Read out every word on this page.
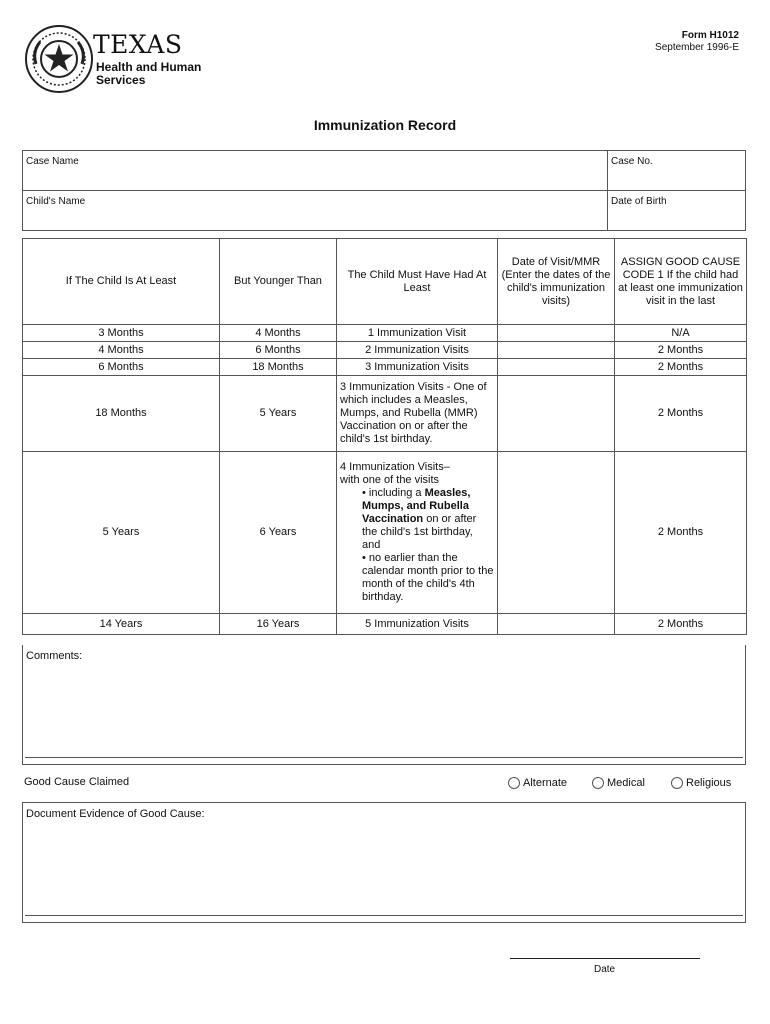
TEXAS
Health and Human
Services
Form H1012
September 1996-E
Immunization Record
Case Name	Case No.
Child's Name	Date of Birth
If The Child Is At Least	But Younger Than	The Child Must Have Had At Least	Date of Visit/MMR (Enter the dates of the child's immunization visits)	ASSIGN GOOD CAUSE CODE 1 If the child had at least one immunization visit in the last
3 Months	4 Months	1 Immunization Visit		N/A
4 Months	6 Months	2 Immunization Visits		2 Months
6 Months	18 Months	3 Immunization Visits		2 Months
18 Months	5 Years	3 Immunization Visits - One of which includes a Measles, Mumps, and Rubella (MMR) Vaccination on or after the child's 1st birthday.		2 Months
5 Years	6 Years	4 Immunization Visits–
with one of the visits
• including a Measles, Mumps, and Rubella Vaccination on or after the child's 1st birthday, and
• no earlier than the calendar month prior to the month of the child's 4th birthday.		2 Months
14 Years	16 Years	5 Immunization Visits		2 Months
Comments:
Good Cause Claimed	Alternate	Medical	Religious
Document Evidence of Good Cause:
Date
